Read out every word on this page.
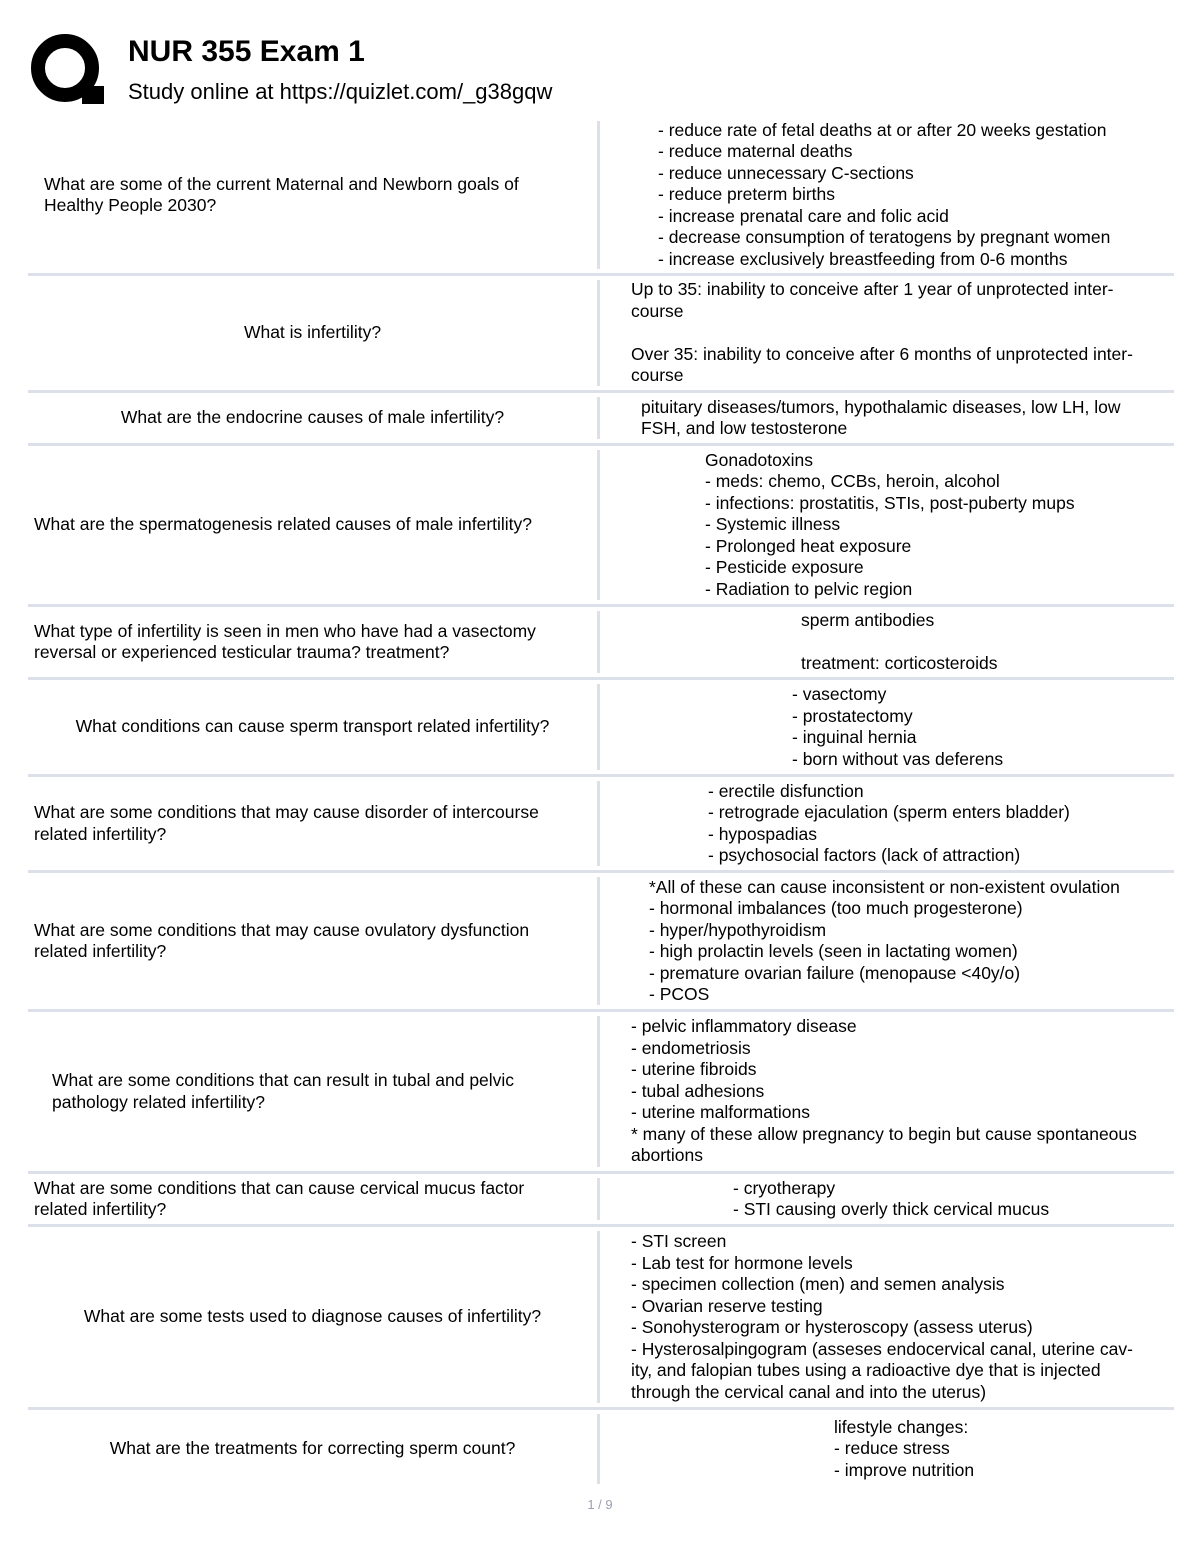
NUR 355 Exam 1
Study online at https://quizlet.com/_g38gqw
What are some of the current Maternal and Newborn goals of
Healthy People 2030?
- reduce rate of fetal deaths at or after 20 weeks gestation
- reduce maternal deaths
- reduce unnecessary C-sections
- reduce preterm births
- increase prenatal care and folic acid
- decrease consumption of teratogens by pregnant women
- increase exclusively breastfeeding from 0-6 months
What is infertility?
Up to 35: inability to conceive after 1 year of unprotected inter-
course

Over 35: inability to conceive after 6 months of unprotected inter-
course
What are the endocrine causes of male infertility?
pituitary diseases/tumors, hypothalamic diseases, low LH, low
FSH, and low testosterone
What are the spermatogenesis related causes of male infertility?
Gonadotoxins
- meds: chemo, CCBs, heroin, alcohol
- infections: prostatitis, STIs, post-puberty mups
- Systemic illness
- Prolonged heat exposure
- Pesticide exposure
- Radiation to pelvic region
What type of infertility is seen in men who have had a vasectomy
reversal or experienced testicular trauma? treatment?
sperm antibodies

treatment: corticosteroids
What conditions can cause sperm transport related infertility?
- vasectomy
- prostatectomy
- inguinal hernia
- born without vas deferens
What are some conditions that may cause disorder of intercourse
related infertility?
- erectile disfunction
- retrograde ejaculation (sperm enters bladder)
- hypospadias
- psychosocial factors (lack of attraction)
What are some conditions that may cause ovulatory dysfunction
related infertility?
*All of these can cause inconsistent or non-existent ovulation
- hormonal imbalances (too much progesterone)
- hyper/hypothyroidism
- high prolactin levels (seen in lactating women)
- premature ovarian failure (menopause <40y/o)
- PCOS
What are some conditions that can result in tubal and pelvic
pathology related infertility?
- pelvic inflammatory disease
- endometriosis
- uterine fibroids
- tubal adhesions
- uterine malformations
* many of these allow pregnancy to begin but cause spontaneous
abortions
What are some conditions that can cause cervical mucus factor
related infertility?
- cryotherapy
- STI causing overly thick cervical mucus
What are some tests used to diagnose causes of infertility?
- STI screen
- Lab test for hormone levels
- specimen collection (men) and semen analysis
- Ovarian reserve testing
- Sonohysterogram or hysteroscopy (assess uterus)
- Hysterosalpingogram (asseses endocervical canal, uterine cav-
ity, and falopian tubes using a radioactive dye that is injected
through the cervical canal and into the uterus)
What are the treatments for correcting sperm count?
lifestyle changes:
- reduce stress
- improve nutrition
1 / 9
